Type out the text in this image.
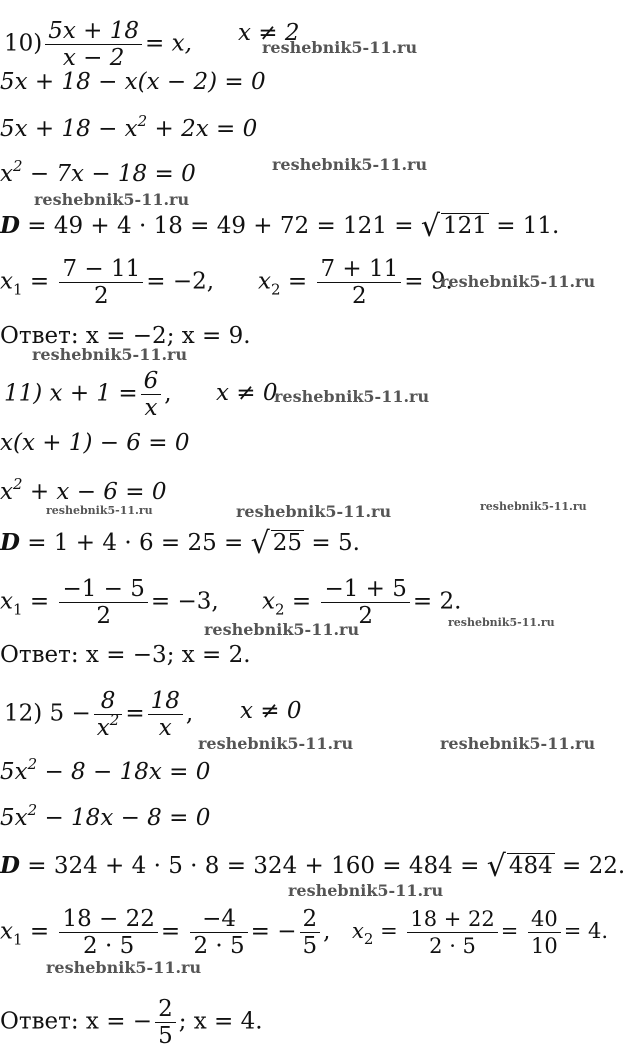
$10) \frac{5x + 18}{x - 2} = x$, x ≠ 2
5x + 18 − x(x − 2) = 0
$5x + 18 - x^2 + 2x = 0$
$x^2 - 7x - 18 = 0$
D = 49 + 4 · 18 = 49 + 72 = 121 = √ 121 = 11.
$x_1 = \frac{7 - 11}{2} = -2$, $x_2 = \frac{7 + 11}{2} = 9$.
Ответ: x = −2; x = 9.
11) $x + 1 = \frac{6}{x}$ , x ≠ 0
x(x + 1) − 6 = 0
$x^2 + x - 6 = 0$
D = 1 + 4 · 6 = 25 = √ 25 = 5.
$x_1 = \frac{-1 - 5}{2} = -3$, $x_2 = \frac{-1 + 5}{2} = 2$.
Ответ: x = −3; x = 2.
12) $5 - \frac{8}{x^2} = \frac{18}{x}$ , x ≠ 0
$5x^2 - 8 - 18x = 0$
$5x^2 - 18x - 8 = 0$
D = 324 + 4 · 5 · 8 = 324 + 160 = 484 = √ 484 = 22.
$x_1 = \frac{18 - 22}{2 \cdot 5} = \frac{-4}{2 \cdot 5}$ = − $\frac{2}{5}$ , $x_2 = \frac{18 + 22}{2 \cdot 5} = \frac{40}{10} = 4$.
Ответ: x = − $\frac{2}{5}$ ; x = 4.
reshebnik5-11.ru
reshebnik5-11.ru
reshebnik5-11.ru
reshebnik5-11.ru
reshebnik5-11.ru
reshebnik5-11.ru
reshebnik5-11.ru	reshebnik5-11.ru	reshebnik5-11.ru
reshebnik5-11.ru	reshebnik5-11.ru
reshebnik5-11.ru	reshebnik5-11.ru
reshebnik5-11.ru
reshebnik5-11.ru
